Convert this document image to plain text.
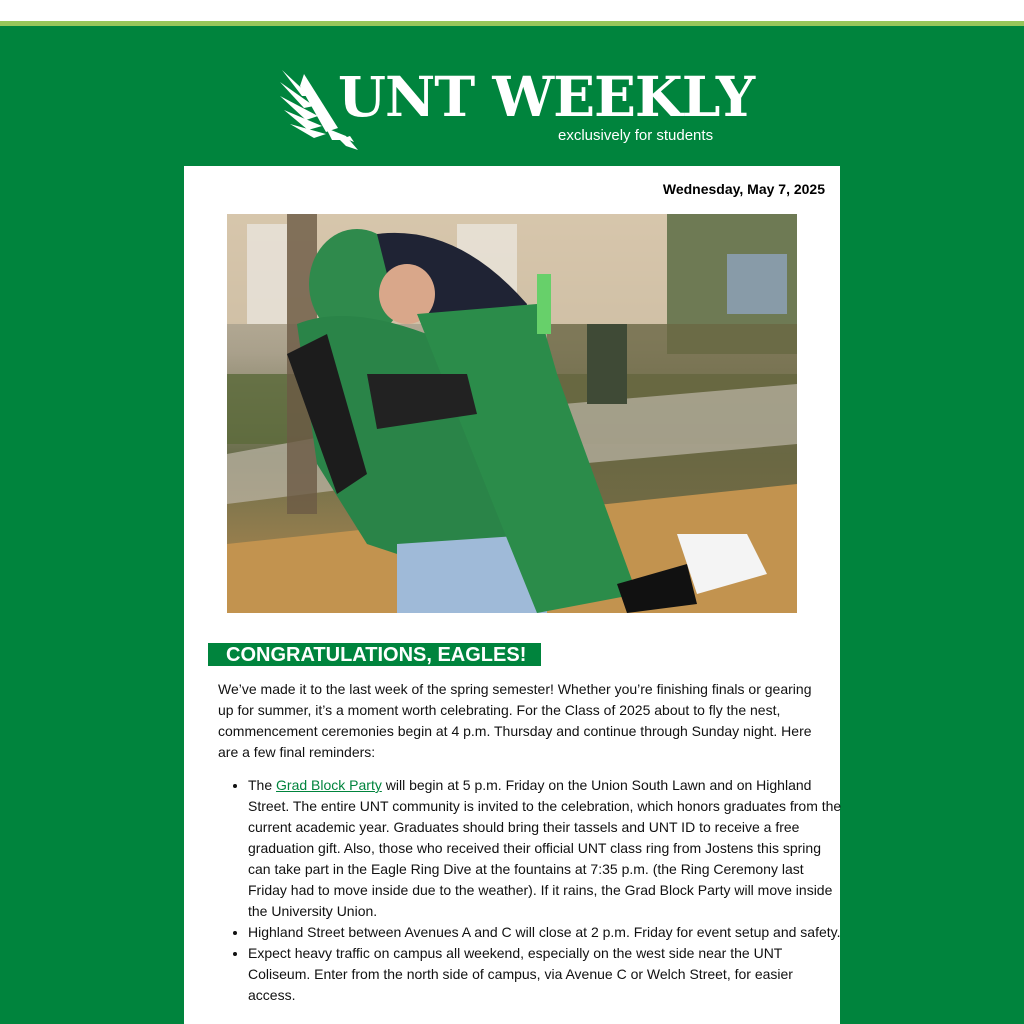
UNT WEEKLY
exclusively for students
Wednesday, May 7, 2025
CONGRATULATIONS, EAGLES!

We’ve made it to the last week of the spring semester! Whether you’re finishing finals or gearing up for summer, it’s a moment worth celebrating. For the Class of 2025 about to fly the nest, commencement ceremonies begin at 4 p.m. Thursday and continue through Sunday night. Here are a few final reminders:

• The Grad Block Party will begin at 5 p.m. Friday on the Union South Lawn and on Highland Street. The entire UNT community is invited to the celebration, which honors graduates from the current academic year. Graduates should bring their tassels and UNT ID to receive a free graduation gift. Also, those who received their official UNT class ring from Jostens this spring can take part in the Eagle Ring Dive at the fountains at 7:35 p.m. (the Ring Ceremony last Friday had to move inside due to the weather). If it rains, the Grad Block Party will move inside the University Union.
• Highland Street between Avenues A and C will close at 2 p.m. Friday for event setup and safety.
• Expect heavy traffic on campus all weekend, especially on the west side near the UNT Coliseum. Enter from the north side of campus, via Avenue C or Welch Street, for easier access.
